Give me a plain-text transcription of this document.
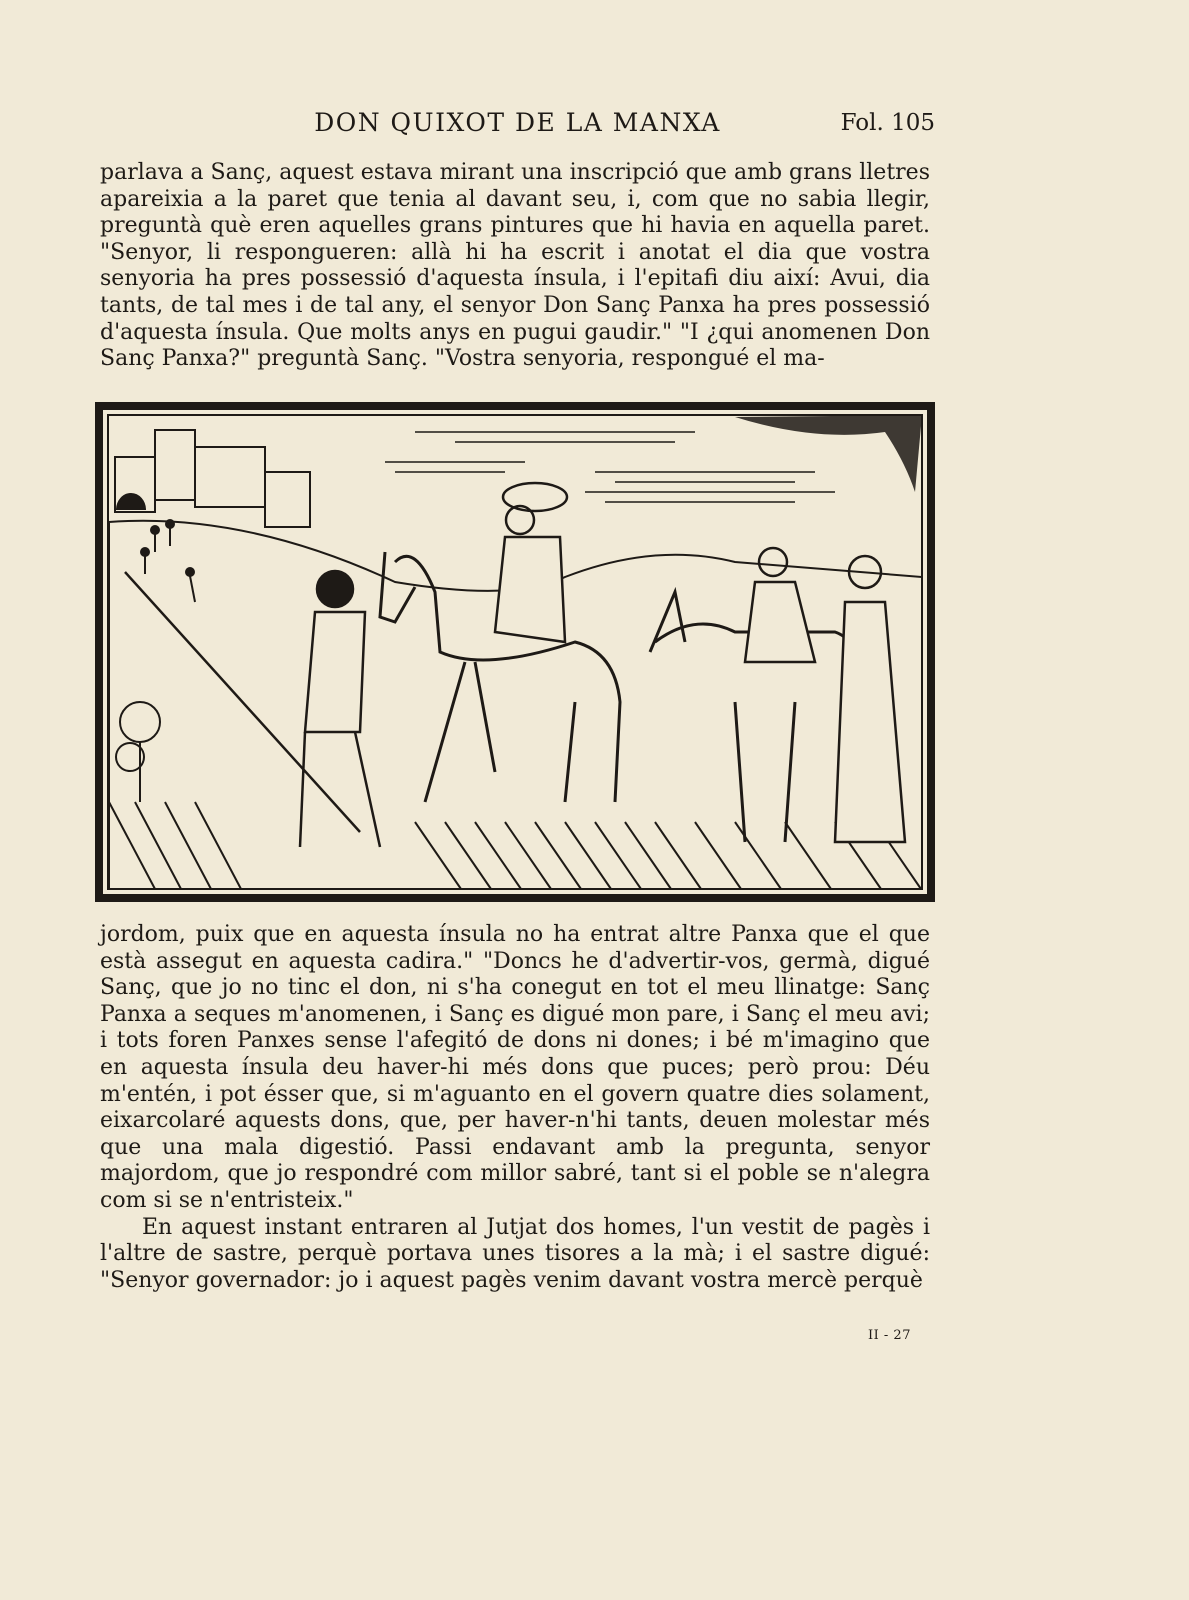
DON QUIXOT DE LA MANXA	Fol. 105

parlava a Sanç, aquest estava mirant una inscripció que amb grans lletres apareixia a la paret que tenia al davant seu, i, com que no sabia llegir, preguntà què eren aquelles grans pintures que hi havia en aquella paret. "Senyor, li respongueren: allà hi ha escrit i anotat el dia que vostra senyoria ha pres possessió d'aquesta ínsula, i l'epitafi diu així: Avui, dia tants, de tal mes i de tal any, el senyor Don Sanç Panxa ha pres possessió d'aquesta ínsula. Que molts anys en pugui gaudir." "I ¿qui anomenen Don Sanç Panxa?" preguntà Sanç. "Vostra senyoria, respongué el ma-

jordom, puix que en aquesta ínsula no ha entrat altre Panxa que el que està assegut en aquesta cadira." "Doncs he d'advertir-vos, germà, digué Sanç, que jo no tinc el don, ni s'ha conegut en tot el meu llinatge: Sanç Panxa a seques m'anomenen, i Sanç es digué mon pare, i Sanç el meu avi; i tots foren Panxes sense l'afegitó de dons ni dones; i bé m'imagino que en aquesta ínsula deu haver-hi més dons que puces; però prou: Déu m'entén, i pot ésser que, si m'aguanto en el govern quatre dies solament, eixarcolaré aquests dons, que, per haver-n'hi tants, deuen molestar més que una mala digestió. Passi endavant amb la pregunta, senyor majordom, que jo respondré com millor sabré, tant si el poble se n'alegra com si se n'entristeix."

En aquest instant entraren al Jutjat dos homes, l'un vestit de pagès i l'altre de sastre, perquè portava unes tisores a la mà; i el sastre digué: "Senyor governador: jo i aquest pagès venim davant vostra mercè perquè

II - 27
